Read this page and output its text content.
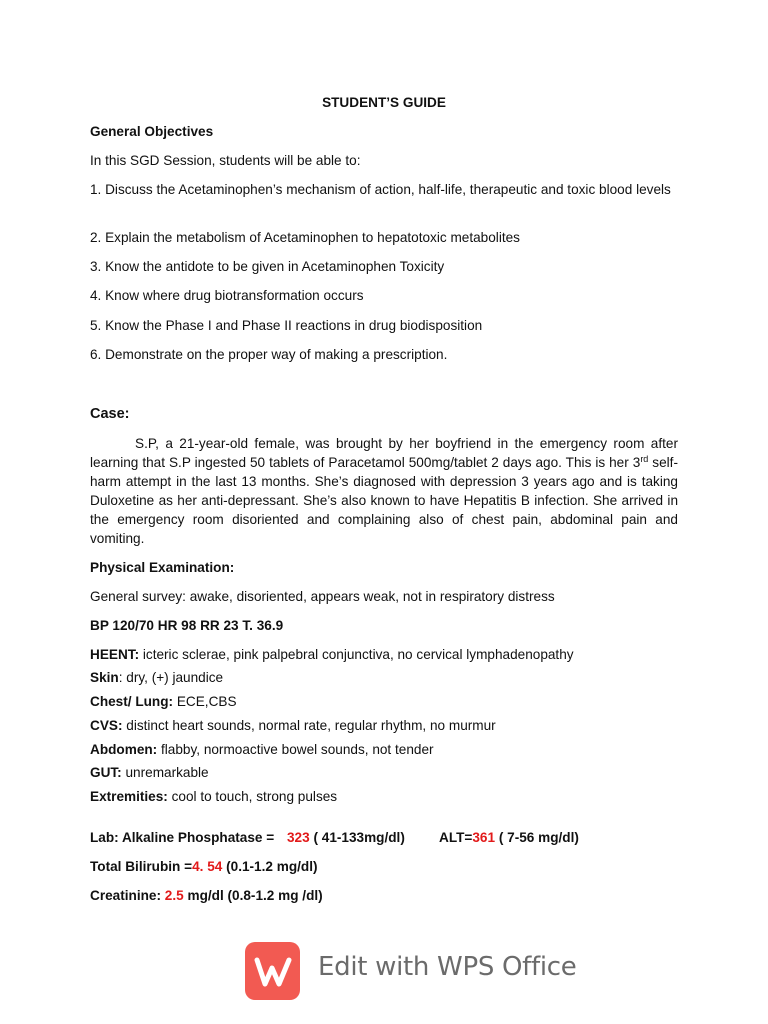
STUDENT’S GUIDE
General Objectives
In this SGD Session, students will be able to:
1. Discuss the Acetaminophen’s mechanism of action, half-life, therapeutic and toxic blood levels
2. Explain the metabolism of Acetaminophen to hepatotoxic metabolites
3. Know the antidote to be given in Acetaminophen Toxicity
4. Know where drug biotransformation occurs
5. Know the Phase I and Phase II reactions in drug biodisposition
6. Demonstrate on the proper way of making a prescription.
Case:
S.P, a 21-year-old female, was brought by her boyfriend in the emergency room after learning that S.P ingested 50 tablets of Paracetamol 500mg/tablet 2 days ago. This is her 3rd self-harm attempt in the last 13 months. She’s diagnosed with depression 3 years ago and is taking Duloxetine as her anti-depressant. She’s also known to have Hepatitis B infection. She arrived in the emergency room disoriented and complaining also of chest pain, abdominal pain and vomiting.
Physical Examination:
General survey: awake, disoriented, appears weak, not in respiratory distress
BP 120/70 HR 98 RR 23 T. 36.9
HEENT: icteric sclerae, pink palpebral conjunctiva, no cervical lymphadenopathy
Skin: dry, (+) jaundice
Chest/ Lung: ECE,CBS
CVS: distinct heart sounds, normal rate, regular rhythm, no murmur
Abdomen: flabby, normoactive bowel sounds, not tender
GUT: unremarkable
Extremities: cool to touch, strong pulses
Lab: Alkaline Phosphatase = 323 ( 41-133mg/dl)	ALT=361 ( 7-56 mg/dl)
Total Bilirubin =4. 54 (0.1-1.2 mg/dl)
Creatinine: 2.5 mg/dl (0.8-1.2 mg /dl)
Edit with WPS Office
